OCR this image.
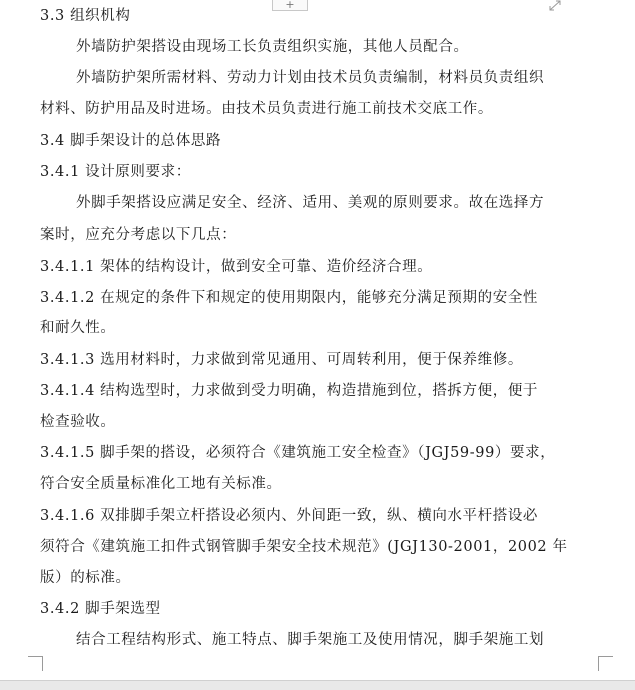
+
3.3 组织机构
外墙防护架搭设由现场工长负责组织实施，其他人员配合。
外墙防护架所需材料、劳动力计划由技术员负责编制，材料员负责组织
材料、防护用品及时进场。由技术员负责进行施工前技术交底工作。
3.4 脚手架设计的总体思路
3.4.1 设计原则要求：
外脚手架搭设应满足安全、经济、适用、美观的原则要求。故在选择方
案时，应充分考虑以下几点：
3.4.1.1 架体的结构设计，做到安全可靠、造价经济合理。
3.4.1.2 在规定的条件下和规定的使用期限内，能够充分满足预期的安全性
和耐久性。
3.4.1.3 选用材料时，力求做到常见通用、可周转利用，便于保养维修。
3.4.1.4 结构选型时，力求做到受力明确，构造措施到位，搭拆方便，便于
检查验收。
3.4.1.5 脚手架的搭设，必须符合《建筑施工安全检查》（JGJ59-99）要求，
符合安全质量标准化工地有关标准。
3.4.1.6 双排脚手架立杆搭设必须内、外间距一致，纵、横向水平杆搭设必
须符合《建筑施工扣件式钢管脚手架安全技术规范》(JGJ130-2001，2002 年
版）的标准。
3.4.2 脚手架选型
结合工程结构形式、施工特点、脚手架施工及使用情况，脚手架施工划
